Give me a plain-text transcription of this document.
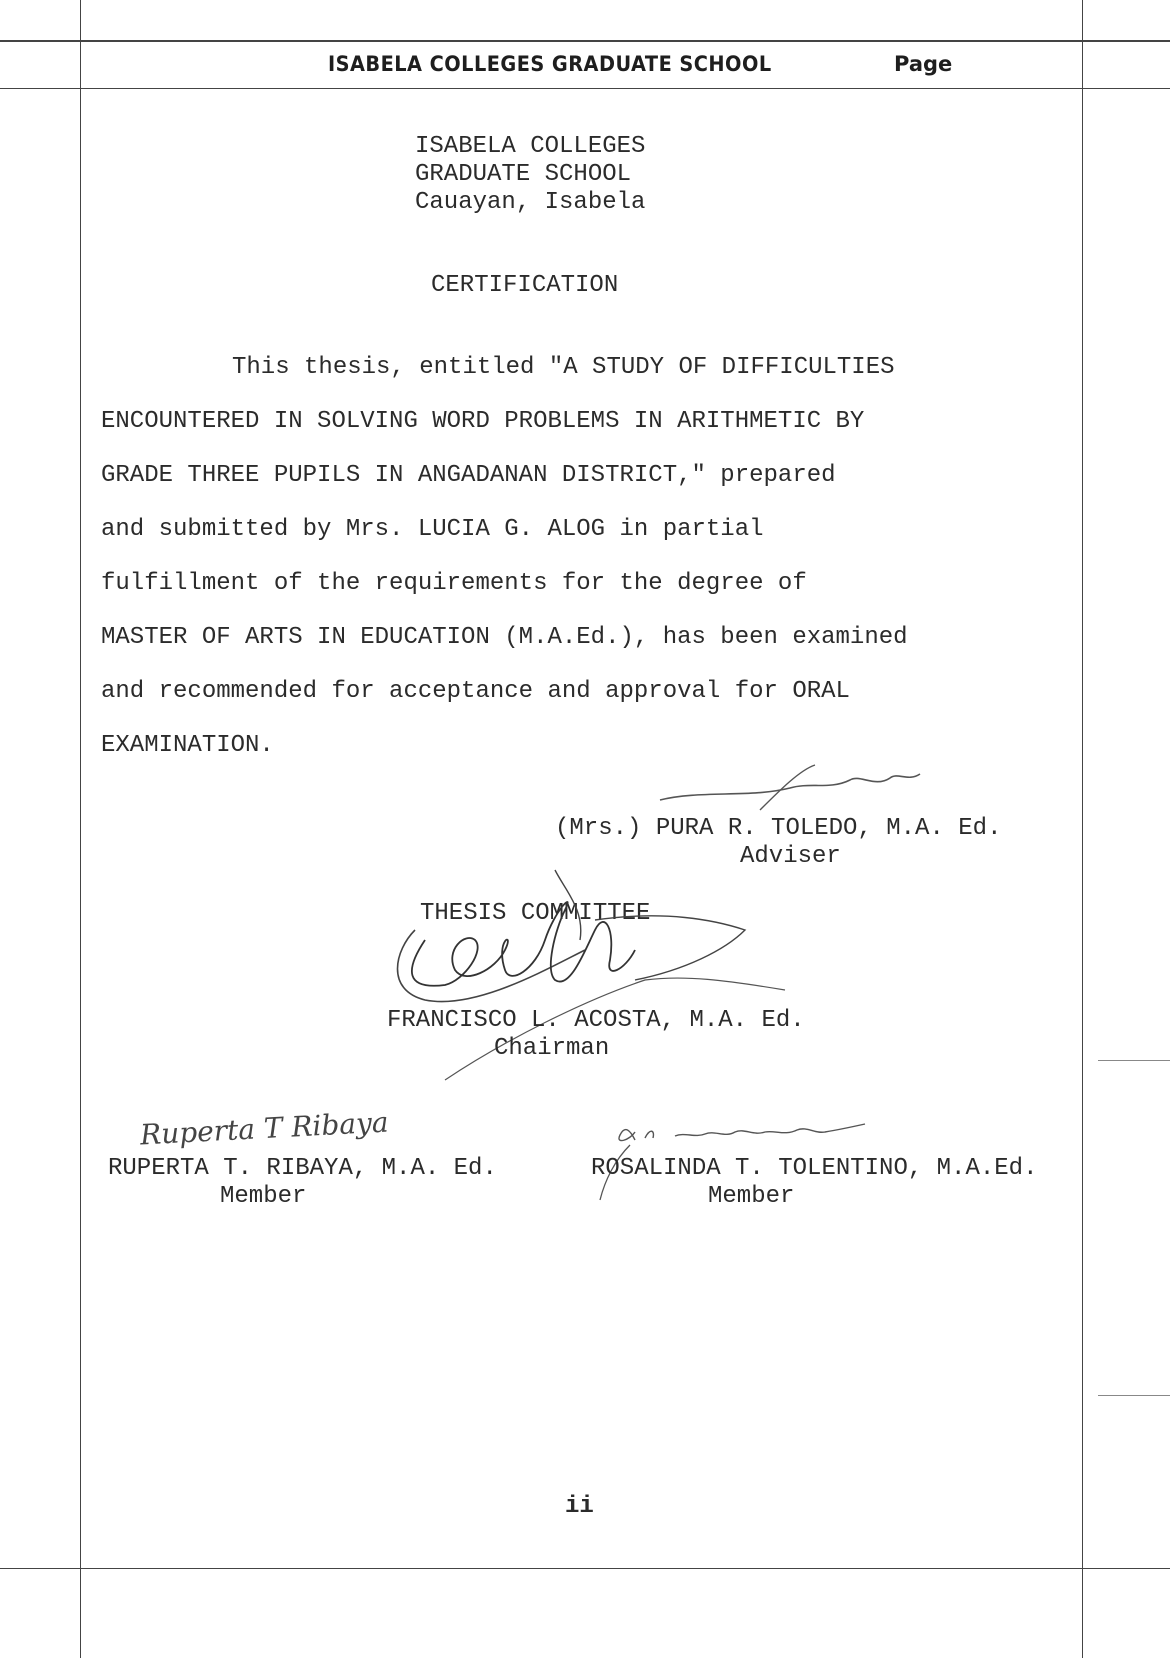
ISABELA COLLEGES GRADUATE SCHOOL	Page
ISABELA COLLEGES
GRADUATE SCHOOL
Cauayan, Isabela
CERTIFICATION
This thesis, entitled "A STUDY OF DIFFICULTIES
ENCOUNTERED IN SOLVING WORD PROBLEMS IN ARITHMETIC BY
GRADE THREE PUPILS IN ANGADANAN DISTRICT," prepared
and submitted by Mrs. LUCIA G. ALOG in partial
fulfillment of the requirements for the degree of
MASTER OF ARTS IN EDUCATION (M.A.Ed.), has been examined
and recommended for acceptance and approval for ORAL
EXAMINATION.
(Mrs.) PURA R. TOLEDO, M.A. Ed.
Adviser
THESIS COMMITTEE
FRANCISCO L. ACOSTA, M.A. Ed.
Chairman
Ruperta T Ribaya
RUPERTA T. RIBAYA, M.A. Ed.
Member
ROSALINDA T. TOLENTINO, M.A.Ed.
Member
ii
